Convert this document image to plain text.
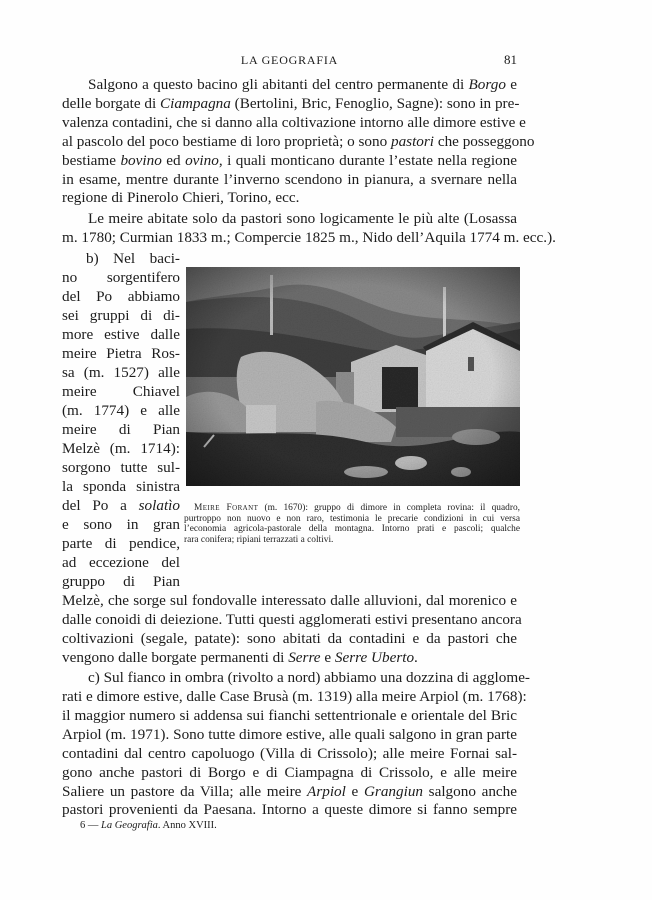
LA GEOGRAFIA	81
Salgono a questo bacino gli abitanti del centro permanente di Borgo e
delle borgate di Ciampagna (Bertolini, Bric, Fenoglio, Sagne): sono in pre-
valenza contadini, che si danno alla coltivazione intorno alle dimore estive e
al pascolo del poco bestiame di loro proprietà; o sono pastori che posseggono
bestiame bovino ed ovino, i quali monticano durante l’estate nella regione
in esame, mentre durante l’inverno scendono in pianura, a svernare nella
regione di Pinerolo Chieri, Torino, ecc.
Le meire abitate solo da pastori sono logicamente le più alte (Losassa
m. 1780; Curmian 1833 m.; Compercie 1825 m., Nido dell’Aquila 1774 m. ecc.).
b) Nel baci-
no sorgentifero
del Po abbiamo
sei gruppi di di-
more estive dalle
meire Pietra Ros-
sa (m. 1527) alle
meire Chiavel
(m. 1774) e alle
meire di Pian
Melzè (m. 1714):
sorgono tutte sul-
la sponda sinistra
del Po a solatìo
e sono in gran
parte di pendice,
ad eccezione del
gruppo di Pian
Meire Forant (m. 1670): gruppo di dimore in completa rovina: il quadro,
purtroppo non nuovo e non raro, testimonia le precarie condizioni in cui versa
l’economia agricola-pastorale della montagna. Intorno prati e pascoli; qualche
rara conifera; ripiani terrazzati a coltivi.
Melzè, che sorge sul fondovalle interessato dalle alluvioni, dal morenico e
dalle conoidi di deiezione. Tutti questi agglomerati estivi presentano ancora
coltivazioni (segale, patate): sono abitati da contadini e da pastori che
vengono dalle borgate permanenti di Serre e Serre Uberto.
c) Sul fianco in ombra (rivolto a nord) abbiamo una dozzina di agglome-
rati e dimore estive, dalle Case Brusà (m. 1319) alla meire Arpiol (m. 1768):
il maggior numero si addensa sui fianchi settentrionale e orientale del Bric
Arpiol (m. 1971). Sono tutte dimore estive, alle quali salgono in gran parte
contadini dal centro capoluogo (Villa di Crissolo); alle meire Fornai sal-
gono anche pastori di Borgo e di Ciampagna di Crissolo, e alle meire
Saliere un pastore da Villa; alle meire Arpiol e Grangiun salgono anche
pastori provenienti da Paesana. Intorno a queste dimore si fanno sempre
6 — La Geografia. Anno XVIII.
